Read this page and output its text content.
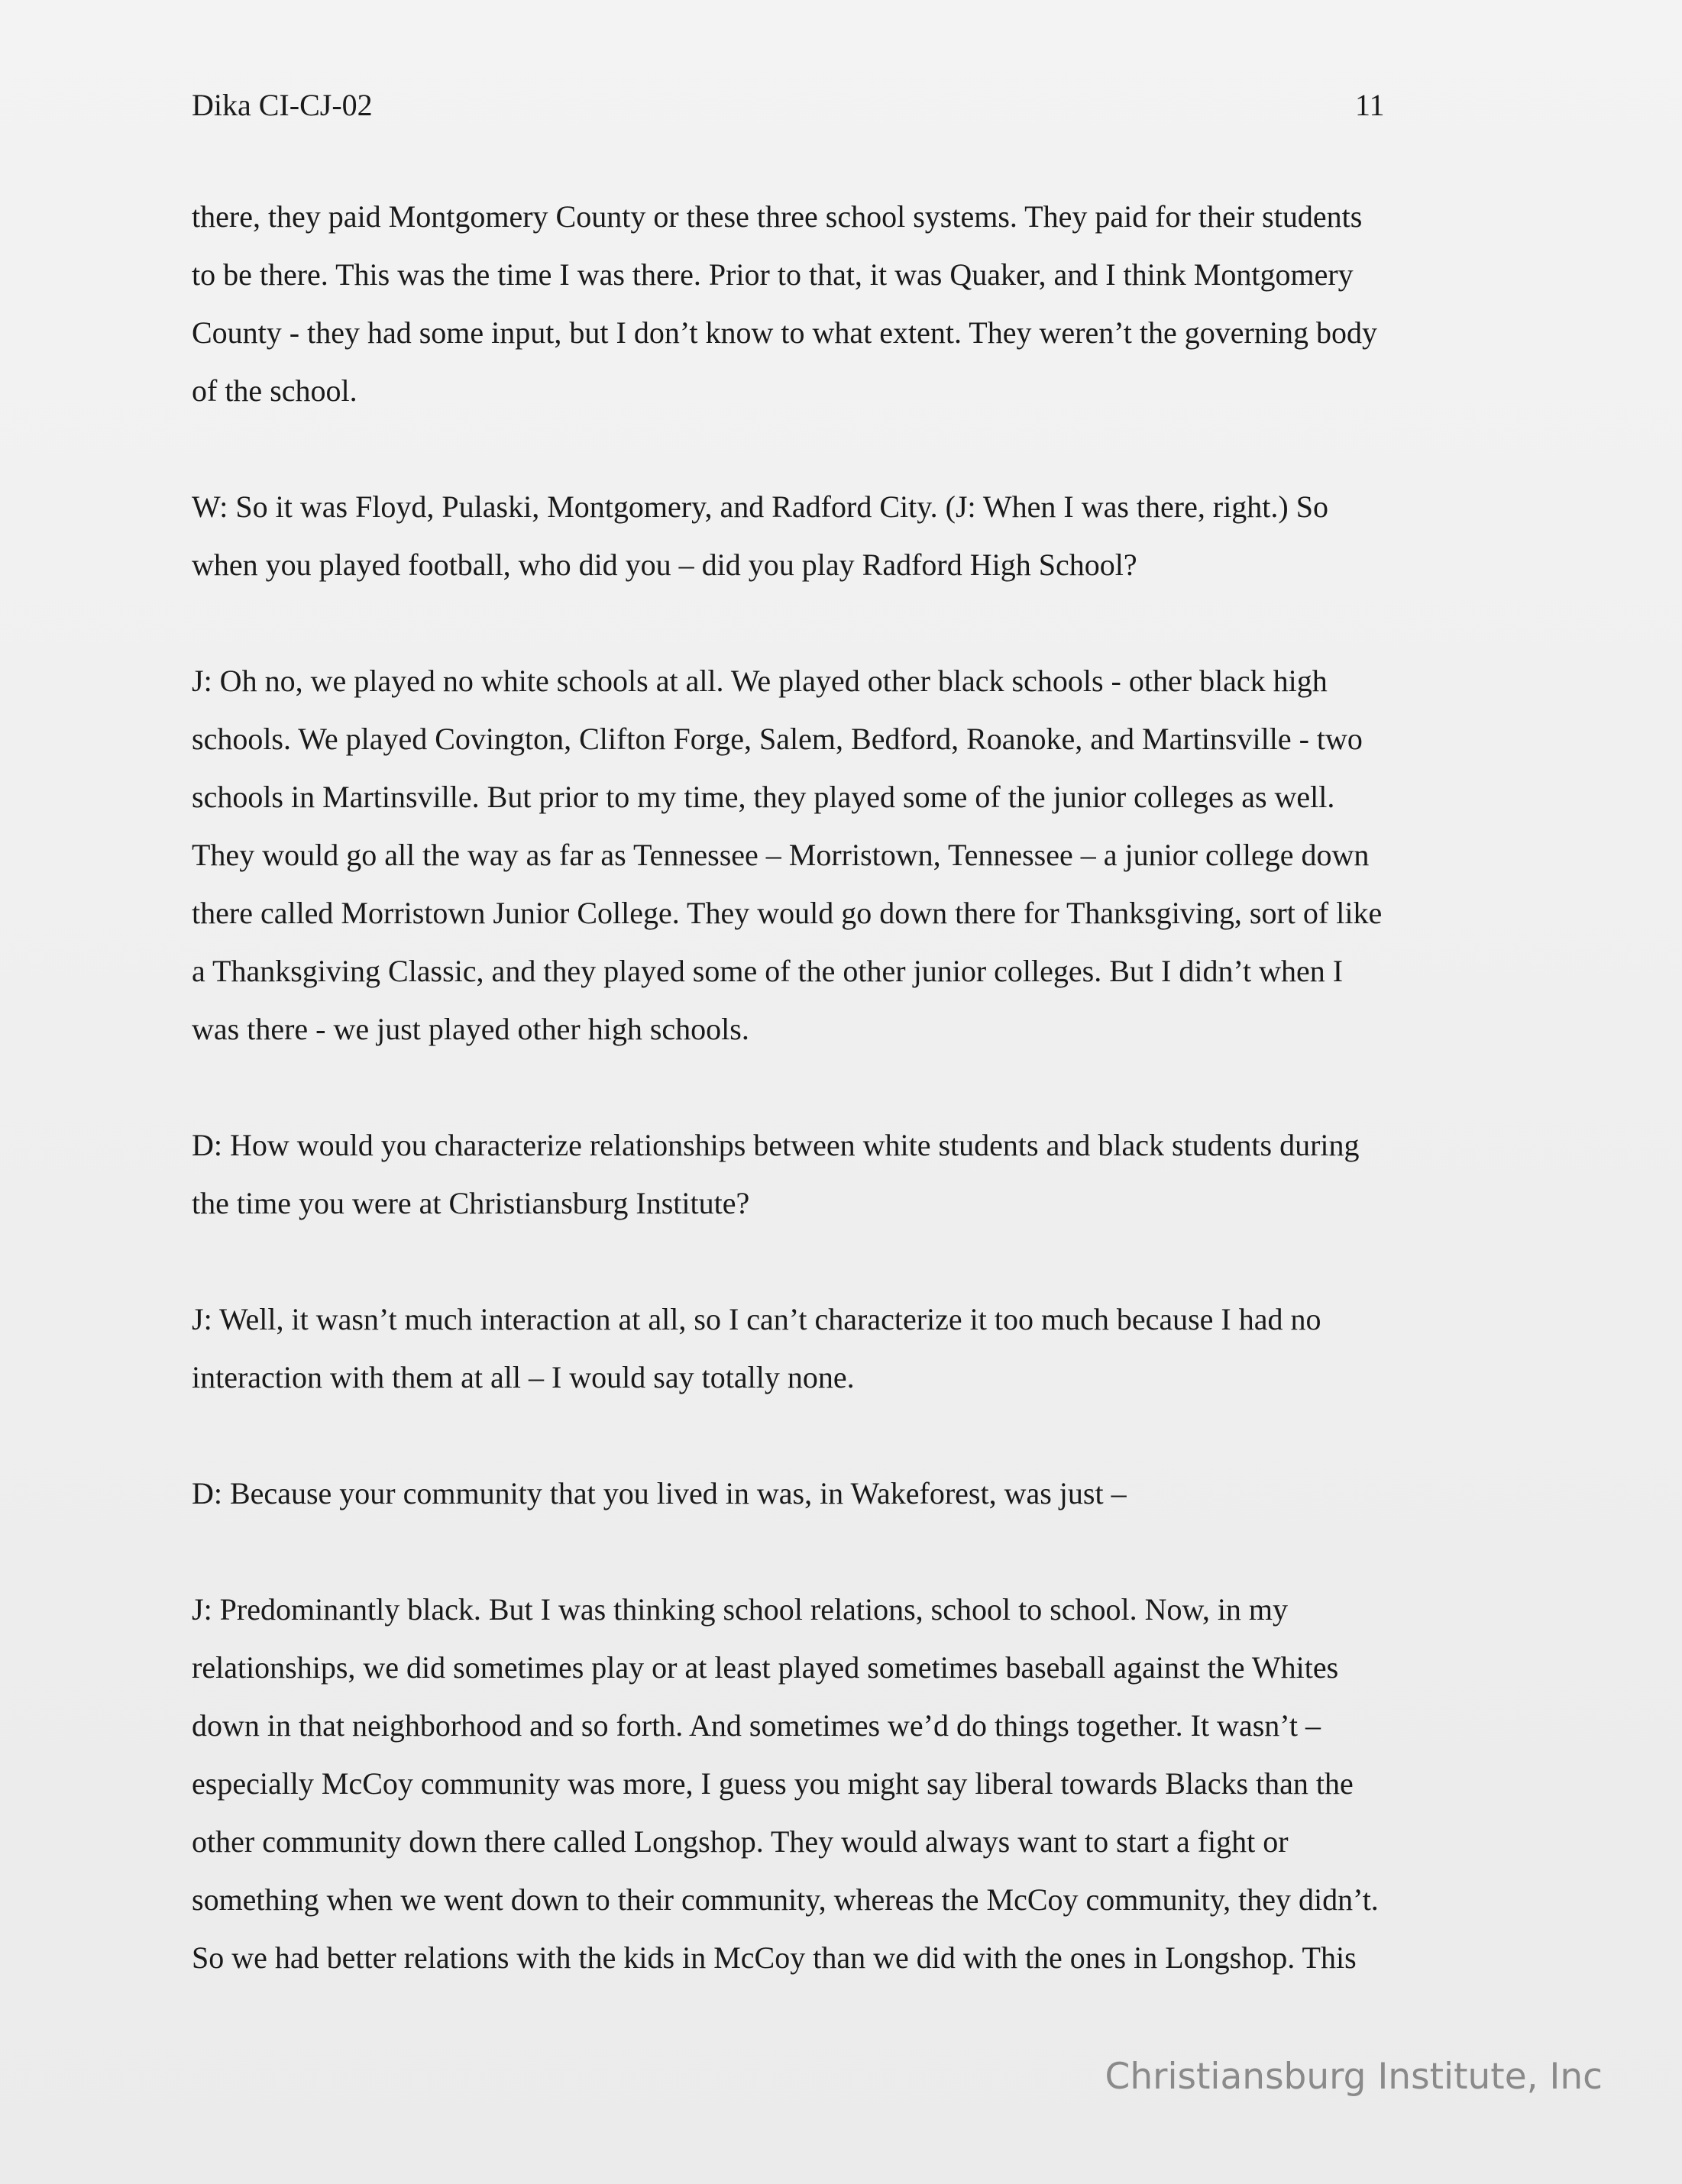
Dika CI-CJ-02	11
there, they paid Montgomery County or these three school systems. They paid for their students
to be there. This was the time I was there. Prior to that, it was Quaker, and I think Montgomery
County - they had some input, but I don’t know to what extent. They weren’t the governing body
of the school.
W: So it was Floyd, Pulaski, Montgomery, and Radford City. (J: When I was there, right.) So
when you played football, who did you – did you play Radford High School?
J: Oh no, we played no white schools at all. We played other black schools - other black high
schools. We played Covington, Clifton Forge, Salem, Bedford, Roanoke, and Martinsville - two
schools in Martinsville. But prior to my time, they played some of the junior colleges as well.
They would go all the way as far as Tennessee – Morristown, Tennessee – a junior college down
there called Morristown Junior College. They would go down there for Thanksgiving, sort of like
a Thanksgiving Classic, and they played some of the other junior colleges. But I didn’t when I
was there - we just played other high schools.
D: How would you characterize relationships between white students and black students during
the time you were at Christiansburg Institute?
J: Well, it wasn’t much interaction at all, so I can’t characterize it too much because I had no
interaction with them at all – I would say totally none.
D: Because your community that you lived in was, in Wakeforest, was just –
J: Predominantly black. But I was thinking school relations, school to school. Now, in my
relationships, we did sometimes play or at least played sometimes baseball against the Whites
down in that neighborhood and so forth. And sometimes we’d do things together. It wasn’t –
especially McCoy community was more, I guess you might say liberal towards Blacks than the
other community down there called Longshop. They would always want to start a fight or
something when we went down to their community, whereas the McCoy community, they didn’t.
So we had better relations with the kids in McCoy than we did with the ones in Longshop. This
Christiansburg Institute, Inc
